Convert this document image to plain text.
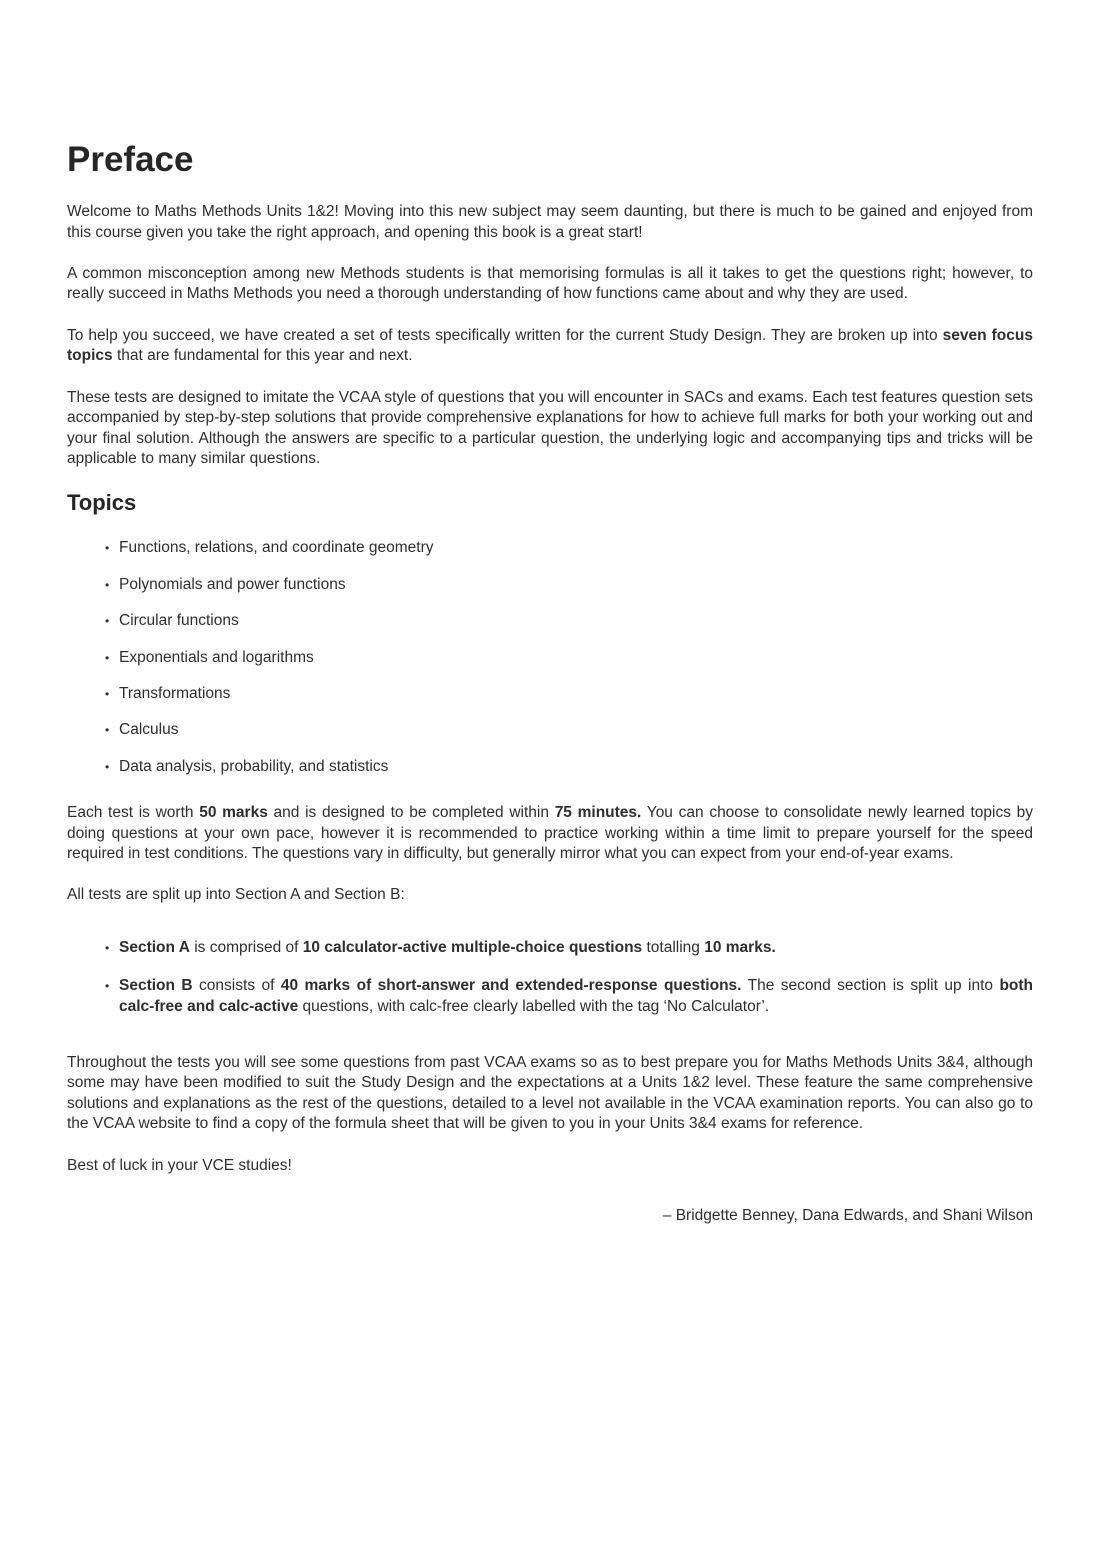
Preface

Welcome to Maths Methods Units 1&2! Moving into this new subject may seem daunting, but there is much to be gained and enjoyed from this course given you take the right approach, and opening this book is a great start!

A common misconception among new Methods students is that memorising formulas is all it takes to get the questions right; however, to really succeed in Maths Methods you need a thorough understanding of how functions came about and why they are used.

To help you succeed, we have created a set of tests specifically written for the current Study Design. They are broken up into seven focus topics that are fundamental for this year and next.

These tests are designed to imitate the VCAA style of questions that you will encounter in SACs and exams. Each test features question sets accompanied by step-by-step solutions that provide comprehensive explanations for how to achieve full marks for both your working out and your final solution. Although the answers are specific to a particular question, the underlying logic and accompanying tips and tricks will be applicable to many similar questions.

Topics
• Functions, relations, and coordinate geometry
• Polynomials and power functions
• Circular functions
• Exponentials and logarithms
• Transformations
• Calculus
• Data analysis, probability, and statistics

Each test is worth 50 marks and is designed to be completed within 75 minutes. You can choose to consolidate newly learned topics by doing questions at your own pace, however it is recommended to practice working within a time limit to prepare yourself for the speed required in test conditions. The questions vary in difficulty, but generally mirror what you can expect from your end-of-year exams.

All tests are split up into Section A and Section B:

• Section A is comprised of 10 calculator-active multiple-choice questions totalling 10 marks.
• Section B consists of 40 marks of short-answer and extended-response questions. The second section is split up into both calc-free and calc-active questions, with calc-free clearly labelled with the tag ‘No Calculator’.

Throughout the tests you will see some questions from past VCAA exams so as to best prepare you for Maths Methods Units 3&4, although some may have been modified to suit the Study Design and the expectations at a Units 1&2 level. These feature the same comprehensive solutions and explanations as the rest of the questions, detailed to a level not available in the VCAA examination reports. You can also go to the VCAA website to find a copy of the formula sheet that will be given to you in your Units 3&4 exams for reference.

Best of luck in your VCE studies!

– Bridgette Benney, Dana Edwards, and Shani Wilson
